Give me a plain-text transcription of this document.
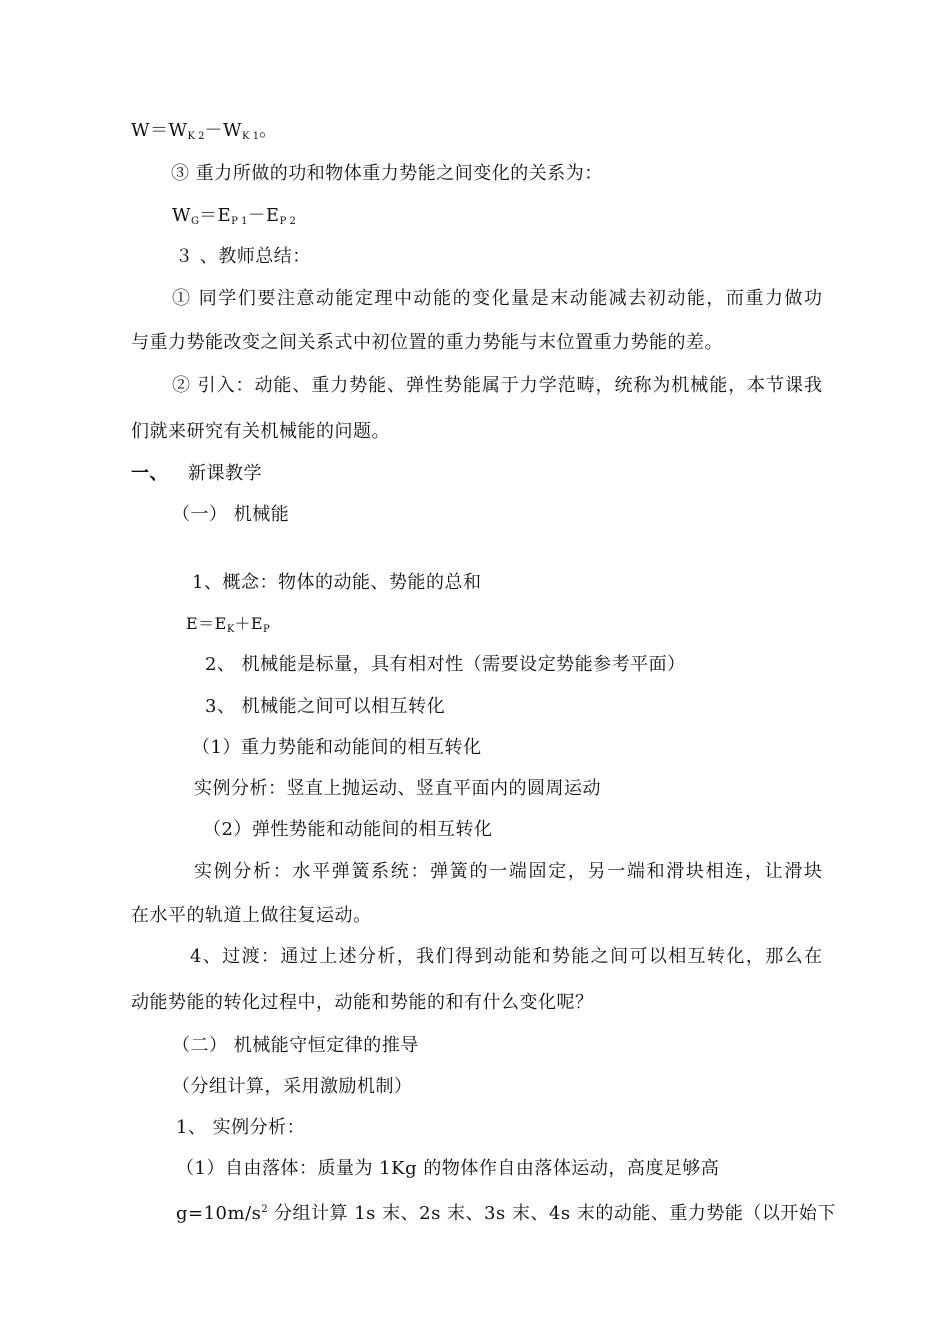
$W=W_{K 2}-W_{K 1}$。
③ 重力所做的功和物体重力势能之间变化的关系为：
$W_G=E_{P 1}-E_{P 2}$
３ 、教师总结：
① 同学们要注意动能定理中动能的变化量是末动能减去初动能，而重力做功
与重力势能改变之间关系式中初位置的重力势能与末位置重力势能的差。
② 引入：动能、重力势能、弹性势能属于力学范畴，统称为机械能，本节课我
们就来研究有关机械能的问题。
一、 新课教学
（一） 机械能
1、概念：物体的动能、势能的总和
$E=E_K+E_P$
2、 机械能是标量，具有相对性（需要设定势能参考平面）
3、 机械能之间可以相互转化
（1）重力势能和动能间的相互转化
实例分析：竖直上抛运动、竖直平面内的圆周运动
（2）弹性势能和动能间的相互转化
实例分析：水平弹簧系统：弹簧的一端固定，另一端和滑块相连，让滑块
在水平的轨道上做往复运动。
4、过渡：通过上述分析，我们得到动能和势能之间可以相互转化，那么在
动能势能的转化过程中，动能和势能的和有什么变化呢？
（二） 机械能守恒定律的推导
（分组计算，采用激励机制）
1、 实例分析：
（1）自由落体：质量为 1Kg 的物体作自由落体运动，高度足够高
$g=10m/s^2$ 分组计算 1s 末、2s 末、3s 末、4s 末的动能、重力势能（以开始下
